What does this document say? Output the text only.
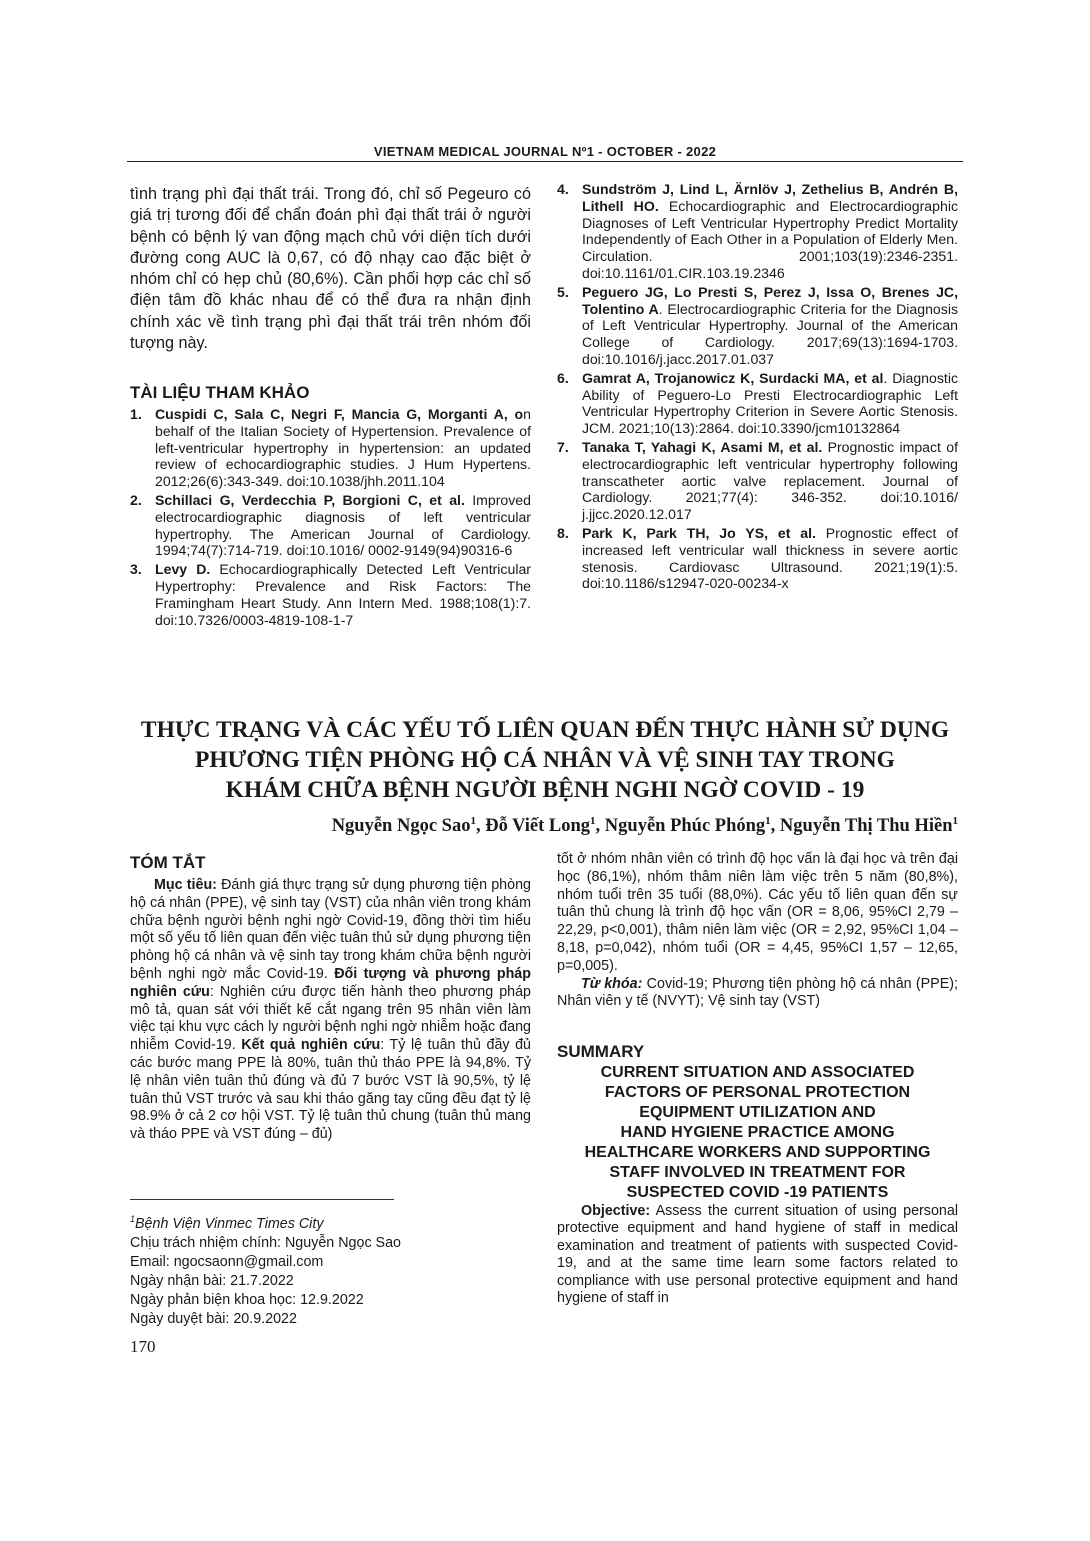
VIETNAM MEDICAL JOURNAL Nº1 - OCTOBER - 2022
tình trạng phì đại thất trái. Trong đó, chỉ số Pegeuro có giá trị tương đối để chẩn đoán phì đại thất trái ở người bệnh có bệnh lý van động mạch chủ với diện tích dưới đường cong AUC là 0,67, có độ nhạy cao đặc biệt ở nhóm chỉ có hẹp chủ (80,6%). Cần phối hợp các chỉ số điện tâm đồ khác nhau để có thể đưa ra nhận định chính xác về tình trạng phì đại thất trái trên nhóm đối tượng này.
TÀI LIỆU THAM KHẢO
1. Cuspidi C, Sala C, Negri F, Mancia G, Morganti A, on behalf of the Italian Society of Hypertension. Prevalence of left-ventricular hypertrophy in hypertension: an updated review of echocardiographic studies. J Hum Hypertens. 2012;26(6):343-349. doi:10.1038/jhh.2011.104
2. Schillaci G, Verdecchia P, Borgioni C, et al. Improved electrocardiographic diagnosis of left ventricular hypertrophy. The American Journal of Cardiology. 1994;74(7):714-719. doi:10.1016/ 0002-9149(94)90316-6
3. Levy D. Echocardiographically Detected Left Ventricular Hypertrophy: Prevalence and Risk Factors: The Framingham Heart Study. Ann Intern Med. 1988;108(1):7. doi:10.7326/0003-4819-108-1-7
4. Sundström J, Lind L, Ärnlöv J, Zethelius B, Andrén B, Lithell HO. Echocardiographic and Electrocardiographic Diagnoses of Left Ventricular Hypertrophy Predict Mortality Independently of Each Other in a Population of Elderly Men. Circulation. 2001;103(19):2346-2351. doi:10.1161/01.CIR.103.19.2346
5. Peguero JG, Lo Presti S, Perez J, Issa O, Brenes JC, Tolentino A. Electrocardiographic Criteria for the Diagnosis of Left Ventricular Hypertrophy. Journal of the American College of Cardiology. 2017;69(13):1694-1703. doi:10.1016/j.jacc.2017.01.037
6. Gamrat A, Trojanowicz K, Surdacki MA, et al. Diagnostic Ability of Peguero-Lo Presti Electrocardiographic Left Ventricular Hypertrophy Criterion in Severe Aortic Stenosis. JCM. 2021;10(13):2864. doi:10.3390/jcm10132864
7. Tanaka T, Yahagi K, Asami M, et al. Prognostic impact of electrocardiographic left ventricular hypertrophy following transcatheter aortic valve replacement. Journal of Cardiology. 2021;77(4): 346-352. doi:10.1016/ j.jjcc.2020.12.017
8. Park K, Park TH, Jo YS, et al. Prognostic effect of increased left ventricular wall thickness in severe aortic stenosis. Cardiovasc Ultrasound. 2021;19(1):5. doi:10.1186/s12947-020-00234-x
THỰC TRẠNG VÀ CÁC YẾU TỐ LIÊN QUAN ĐẾN THỰC HÀNH SỬ DỤNG
PHƯƠNG TIỆN PHÒNG HỘ CÁ NHÂN VÀ VỆ SINH TAY TRONG
KHÁM CHỮA BỆNH NGƯỜI BỆNH NGHI NGỜ COVID - 19
Nguyễn Ngọc Sao$^1$, Đỗ Viết Long$^1$, Nguyễn Phúc Phóng$^1$, Nguyễn Thị Thu Hiền$^1$
TÓM TẮT
Mục tiêu: Đánh giá thực trạng sử dụng phương tiện phòng hộ cá nhân (PPE), vệ sinh tay (VST) của nhân viên trong khám chữa bệnh người bệnh nghi ngờ Covid-19, đồng thời tìm hiểu một số yếu tố liên quan đến việc tuân thủ sử dụng phương tiện phòng hộ cá nhân và vệ sinh tay trong khám chữa bệnh người bệnh nghi ngờ mắc Covid-19. Đối tượng và phương pháp nghiên cứu: Nghiên cứu được tiến hành theo phương pháp mô tả, quan sát với thiết kế cắt ngang trên 95 nhân viên làm việc tại khu vực cách ly người bệnh nghi ngờ nhiễm hoặc đang nhiễm Covid-19. Kết quả nghiên cứu: Tỷ lệ tuân thủ đầy đủ các bước mang PPE là 80%, tuân thủ tháo PPE là 94,8%. Tỷ lệ nhân viên tuân thủ đúng và đủ 7 bước VST là 90,5%, tỷ lệ tuân thủ VST trước và sau khi tháo găng tay cũng đều đạt tỷ lệ 98.9% ở cả 2 cơ hội VST. Tỷ lệ tuân thủ chung (tuân thủ mang và tháo PPE và VST đúng – đủ)
tốt ở nhóm nhân viên có trình độ học vấn là đại học và trên đại học (86,1%), nhóm thâm niên làm việc trên 5 năm (80,8%), nhóm tuổi trên 35 tuổi (88,0%). Các yếu tố liên quan đến sự tuân thủ chung là trình độ học vấn (OR = 8,06, 95%CI 2,79 – 22,29, p<0,001), thâm niên làm việc (OR = 2,92, 95%CI 1,04 – 8,18, p=0,042), nhóm tuổi (OR = 4,45, 95%CI 1,57 – 12,65, p=0,005).
Từ khóa: Covid-19; Phương tiện phòng hộ cá nhân (PPE); Nhân viên y tế (NVYT); Vệ sinh tay (VST)
SUMMARY
CURRENT SITUATION AND ASSOCIATED
FACTORS OF PERSONAL PROTECTION
EQUIPMENT UTILIZATION AND
HAND HYGIENE PRACTICE AMONG
HEALTHCARE WORKERS AND SUPPORTING
STAFF INVOLVED IN TREATMENT FOR
SUSPECTED COVID -19 PATIENTS
Objective: Assess the current situation of using personal protective equipment and hand hygiene of staff in medical examination and treatment of patients with suspected Covid-19, and at the same time learn some factors related to compliance with use personal protective equipment and hand hygiene of staff in
$^1$Bệnh Viện Vinmec Times City
Chịu trách nhiệm chính: Nguyễn Ngọc Sao
Email: ngocsaonn@gmail.com
Ngày nhận bài: 21.7.2022
Ngày phản biện khoa học: 12.9.2022
Ngày duyệt bài: 20.9.2022
170
